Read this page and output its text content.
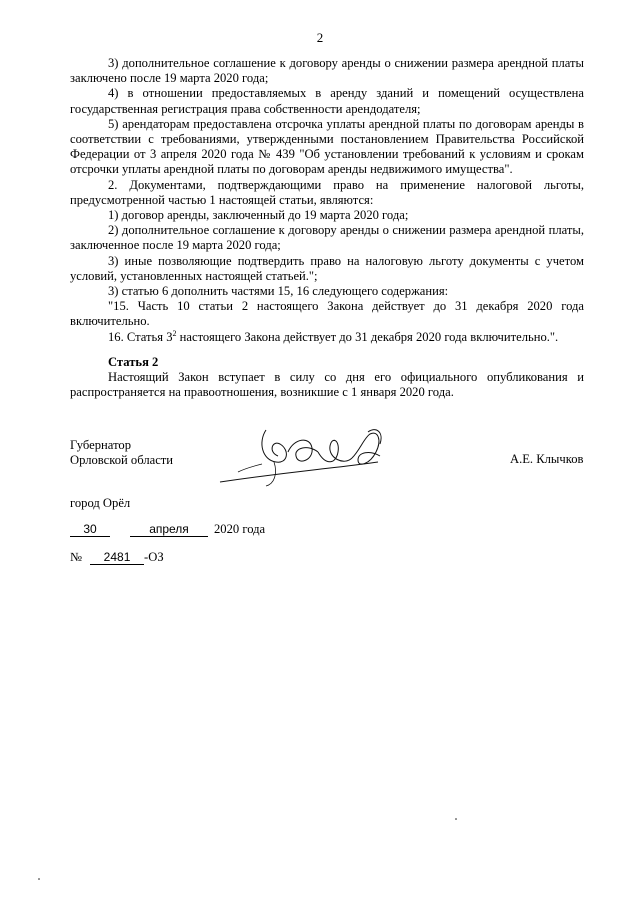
2

3) дополнительное соглашение к договору аренды о снижении размера арендной платы заключено после 19 марта 2020 года;

4) в отношении предоставляемых в аренду зданий и помещений осуществлена государственная регистрация права собственности арендодателя;

5) арендаторам предоставлена отсрочка уплаты арендной платы по договорам аренды в соответствии с требованиями, утвержденными постановлением Правительства Российской Федерации от 3 апреля 2020 года № 439 "Об установлении требований к условиям и срокам отсрочки уплаты арендной платы по договорам аренды недвижимого имущества".

2. Документами, подтверждающими право на применение налоговой льготы, предусмотренной частью 1 настоящей статьи, являются:

1) договор аренды, заключенный до 19 марта 2020 года;

2) дополнительное соглашение к договору аренды о снижении размера арендной платы, заключенное после 19 марта 2020 года;

3) иные позволяющие подтвердить право на налоговую льготу документы с учетом условий, установленных настоящей статьей.";

3) статью 6 дополнить частями 15, 16 следующего содержания:

"15. Часть 10 статьи 2 настоящего Закона действует до 31 декабря 2020 года включительно.

16. Статья $3^2$ настоящего Закона действует до 31 декабря 2020 года включительно.".

Статья 2

Настоящий Закон вступает в силу со дня его официального опубликования и распространяется на правоотношения, возникшие с 1 января 2020 года.

Губернатор
Орловской области	А.Е. Клычков
город Орёл
30	апреля	2020 года
№	2481	-ОЗ
